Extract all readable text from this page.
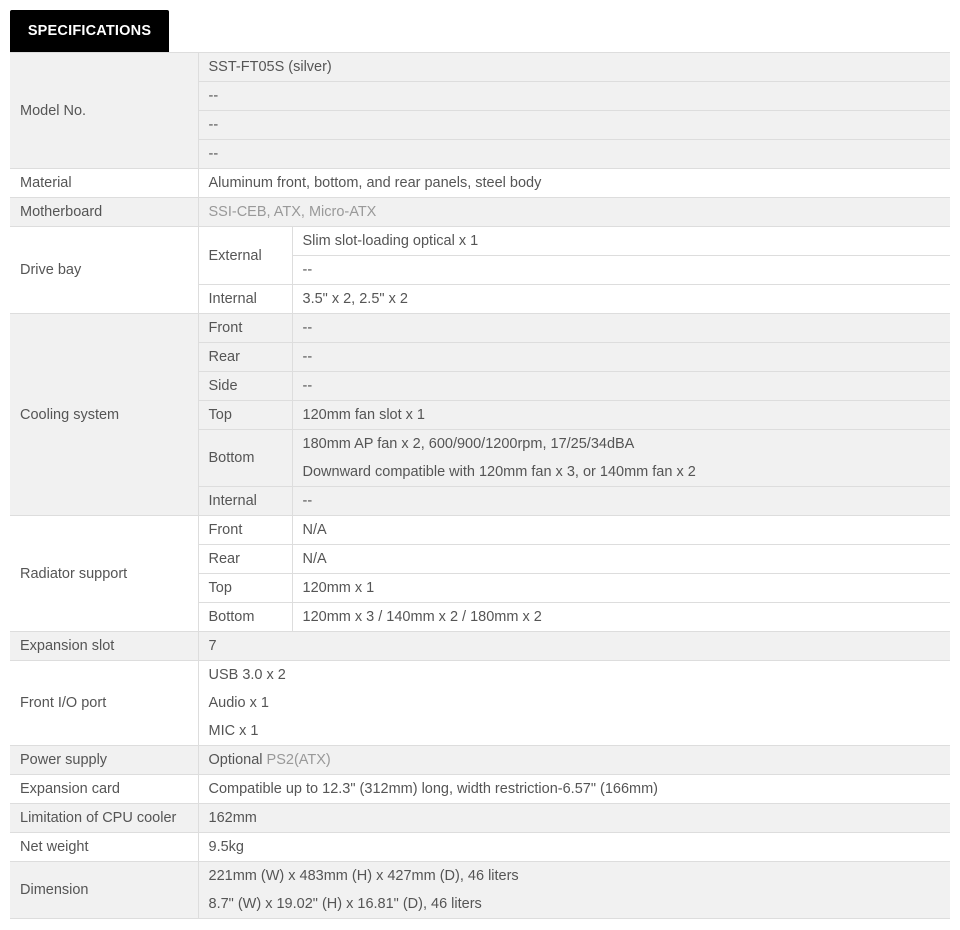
SPECIFICATIONS
Model No.	SST-FT05S (silver)	
	--	
	--	
	--	
Material	Aluminum front, bottom, and rear panels, steel body	
Motherboard	SSI-CEB, ATX, Micro-ATX	
Drive bay	External	Slim slot-loading optical x 1
		--
	Internal	3.5" x 2, 2.5" x 2
Cooling system	Front	--
	Rear	--
	Side	--
	Top	120mm fan slot x 1
	Bottom	180mm AP fan x 2, 600/900/1200rpm, 17/25/34dBA
Downward compatible with 120mm fan x 3, or 140mm fan x 2

	Internal	--
Radiator support	Front	N/A
	Rear	N/A
	Top	120mm x 1
	Bottom	120mm x 3 / 140mm x 2 / 180mm x 2
Expansion slot	7	
Front I/O port	USB 3.0 x 2
Audio x 1
MIC x 1	

Power supply	Optional PS2(ATX)	
Expansion card	Compatible up to 12.3" (312mm) long, width restriction-6.57" (166mm)	
Limitation of CPU cooler	162mm	
Net weight	9.5kg	
Dimension	221mm (W) x 483mm (H) x 427mm (D), 46 liters
8.7" (W) x 19.02" (H) x 16.81" (D), 46 liters	
